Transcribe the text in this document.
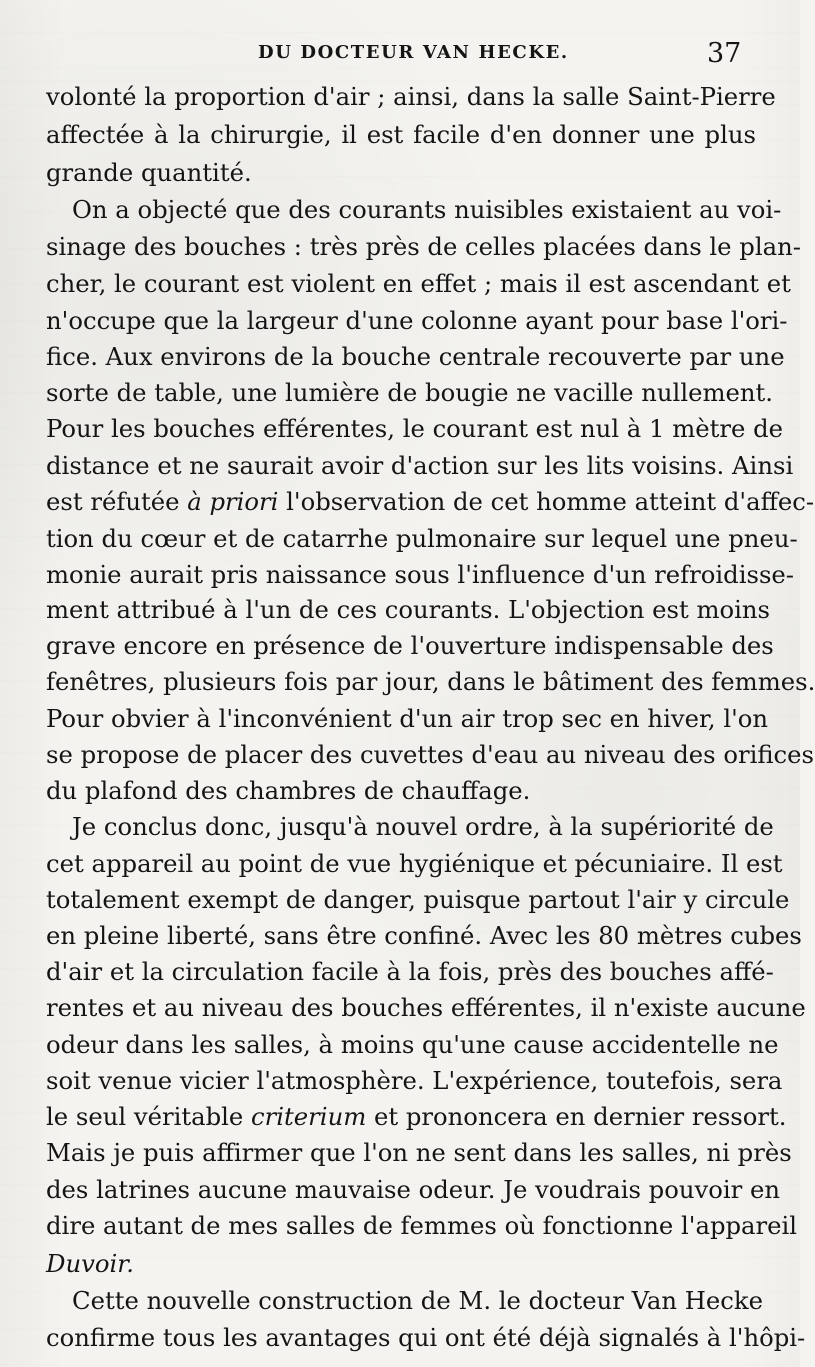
DU DOCTEUR VAN HECKE.	37
volonté la proportion d'air ; ainsi, dans la salle Saint-Pierre
affectée à la chirurgie, il est facile d'en donner une plus
grande quantité.
On a objecté que des courants nuisibles existaient au voi-
sinage des bouches : très près de celles placées dans le plan-
cher, le courant est violent en effet ; mais il est ascendant et
n'occupe que la largeur d'une colonne ayant pour base l'ori-
fice. Aux environs de la bouche centrale recouverte par une
sorte de table, une lumière de bougie ne vacille nullement.
Pour les bouches efférentes, le courant est nul à 1 mètre de
distance et ne saurait avoir d'action sur les lits voisins. Ainsi
est réfutée à priori l'observation de cet homme atteint d'affec-
tion du cœur et de catarrhe pulmonaire sur lequel une pneu-
monie aurait pris naissance sous l'influence d'un refroidisse-
ment attribué à l'un de ces courants. L'objection est moins
grave encore en présence de l'ouverture indispensable des
fenêtres, plusieurs fois par jour, dans le bâtiment des femmes.
Pour obvier à l'inconvénient d'un air trop sec en hiver, l'on
se propose de placer des cuvettes d'eau au niveau des orifices
du plafond des chambres de chauffage.
Je conclus donc, jusqu'à nouvel ordre, à la supériorité de
cet appareil au point de vue hygiénique et pécuniaire. Il est
totalement exempt de danger, puisque partout l'air y circule
en pleine liberté, sans être confiné. Avec les 80 mètres cubes
d'air et la circulation facile à la fois, près des bouches affé-
rentes et au niveau des bouches efférentes, il n'existe aucune
odeur dans les salles, à moins qu'une cause accidentelle ne
soit venue vicier l'atmosphère. L'expérience, toutefois, sera
le seul véritable criterium et prononcera en dernier ressort.
Mais je puis affirmer que l'on ne sent dans les salles, ni près
des latrines aucune mauvaise odeur. Je voudrais pouvoir en
dire autant de mes salles de femmes où fonctionne l'appareil
Duvoir.
Cette nouvelle construction de M. le docteur Van Hecke
confirme tous les avantages qui ont été déjà signalés à l'hôpi-
